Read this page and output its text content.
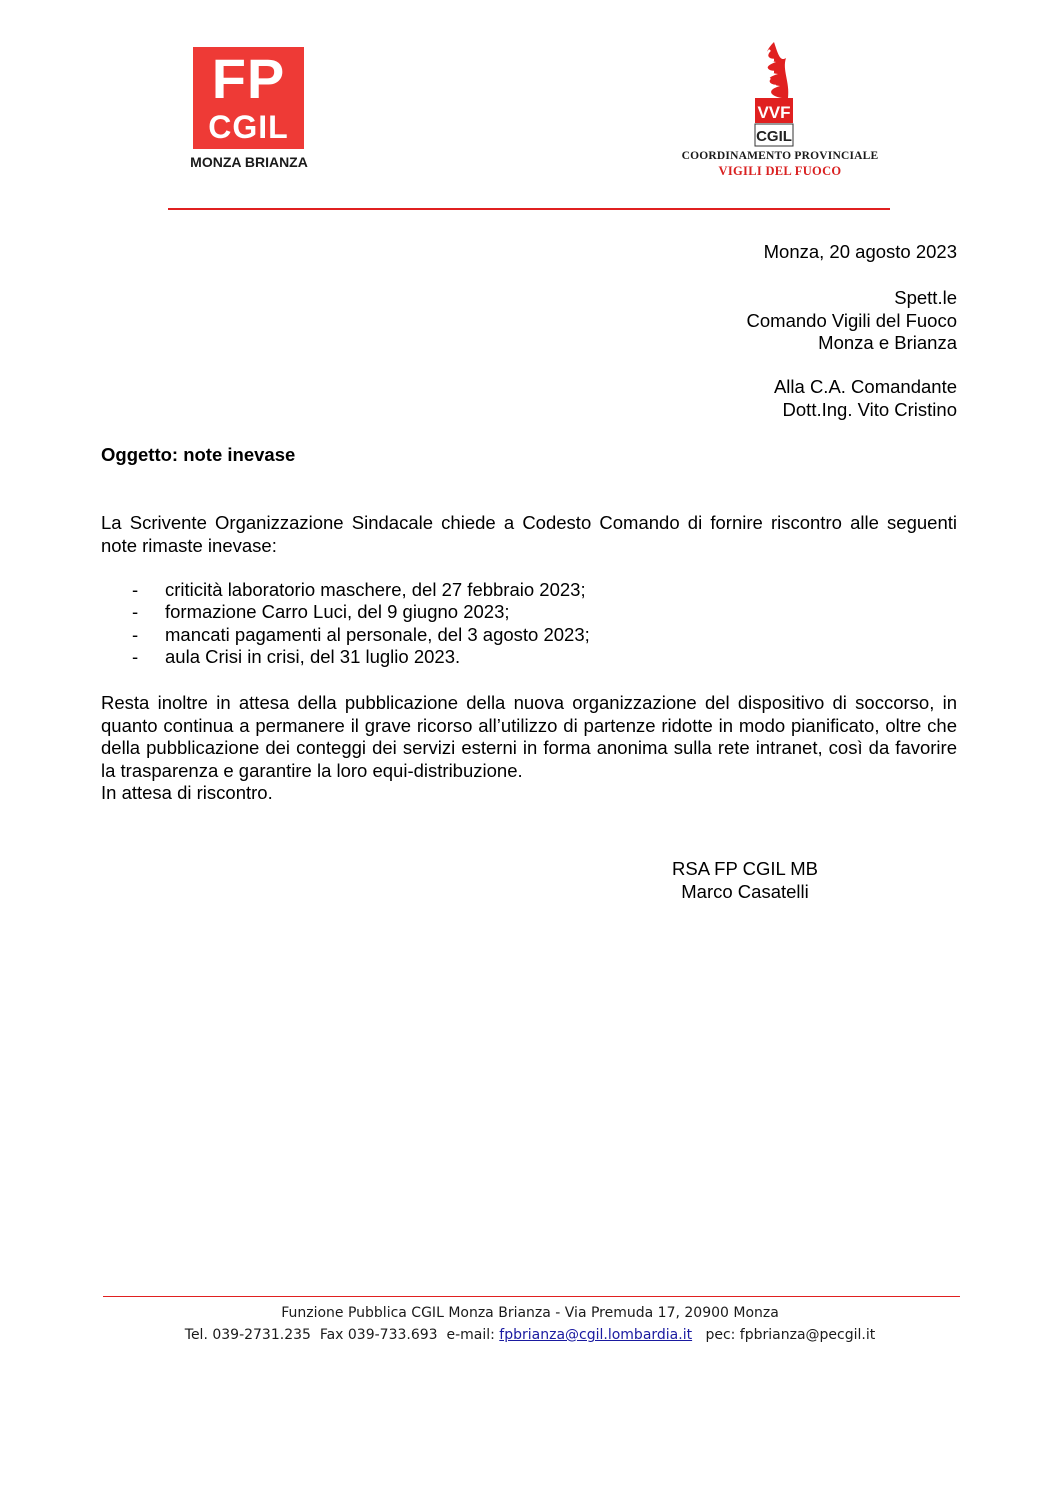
FP
CGIL
MONZA BRIANZA
VVF
CGIL
COORDINAMENTO PROVINCIALE
VIGILI DEL FUOCO
Monza, 20 agosto 2023
Spett.le
Comando Vigili del Fuoco
Monza e Brianza
Alla C.A. Comandante
Dott.Ing. Vito Cristino
Oggetto: note inevase
La Scrivente Organizzazione Sindacale chiede a Codesto Comando di fornire riscontro alle seguenti note rimaste inevase:
- criticità laboratorio maschere, del 27 febbraio 2023;
- formazione Carro Luci, del 9 giugno 2023;
- mancati pagamenti al personale, del 3 agosto 2023;
- aula Crisi in crisi, del 31 luglio 2023.
Resta inoltre in attesa della pubblicazione della nuova organizzazione del dispositivo di soccorso, in quanto continua a permanere il grave ricorso all’utilizzo di partenze ridotte in modo pianificato, oltre che della pubblicazione dei conteggi dei servizi esterni in forma anonima sulla rete intranet, così da favorire la trasparenza e garantire la loro equi-distribuzione.
In attesa di riscontro.
RSA FP CGIL MB
Marco Casatelli
Funzione Pubblica CGIL Monza Brianza - Via Premuda 17, 20900 Monza
Tel. 039-2731.235  Fax 039-733.693  e-mail: fpbrianza@cgil.lombardia.it   pec: fpbrianza@pecgil.it
